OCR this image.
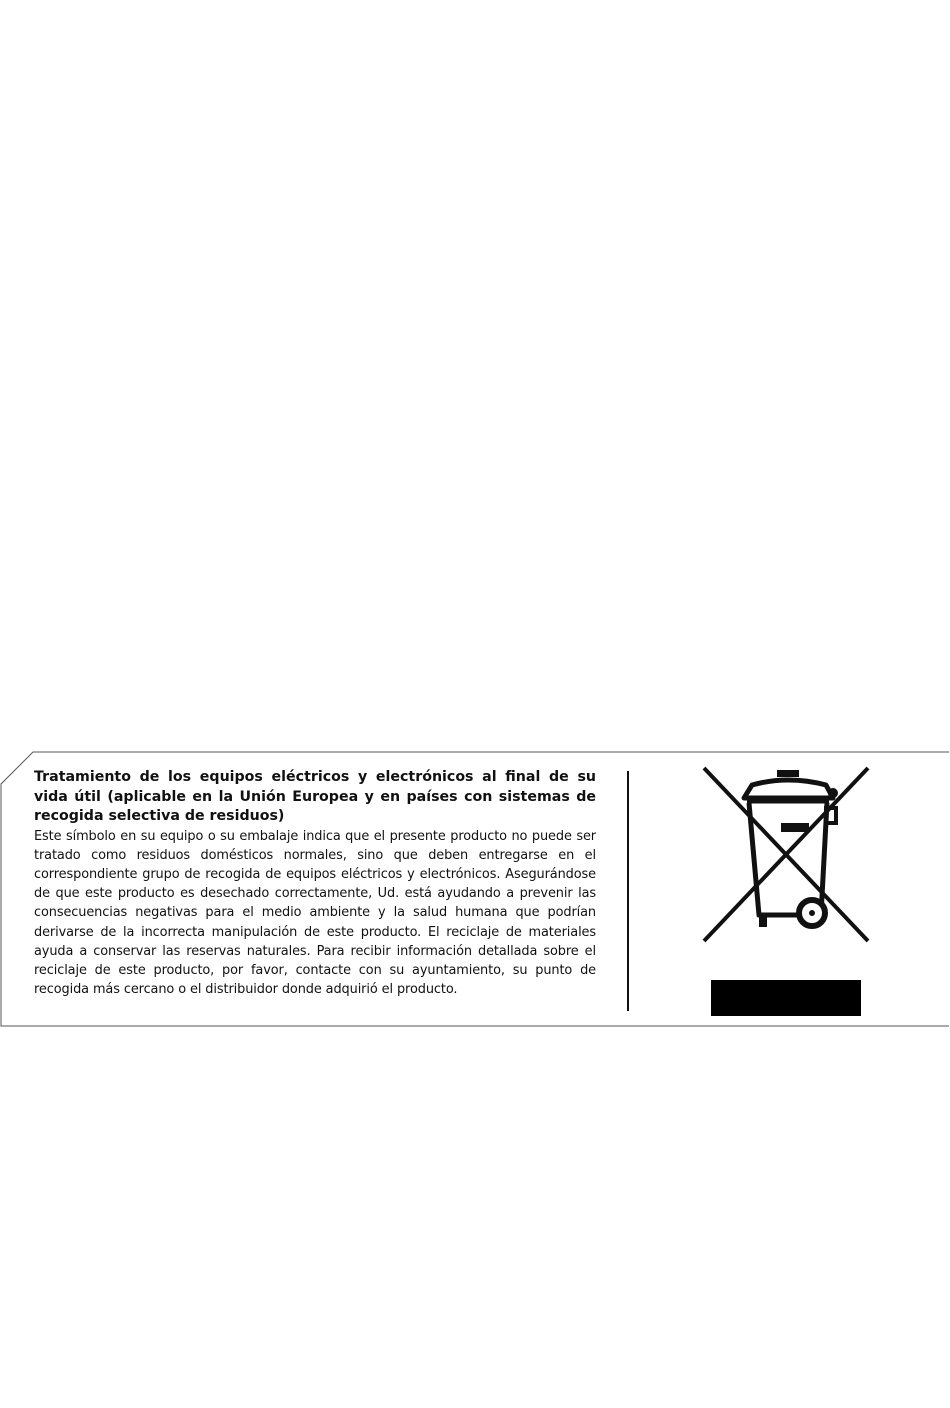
Tratamiento de los equipos eléctricos y electrónicos al final de su vida útil (aplicable en la Unión Europea y en países con sistemas de recogida selectiva de residuos)

Este símbolo en su equipo o su embalaje indica que el presente producto no puede ser tratado como residuos domésticos normales, sino que deben entregarse en el correspondiente grupo de recogida de equipos eléctricos y electrónicos. Asegurándose de que este producto es desechado correctamente, Ud. está ayudando a prevenir las consecuencias negativas para el medio ambiente y la salud humana que podrían derivarse de la incorrecta manipulación de este producto. El reciclaje de materiales ayuda a conservar las reservas naturales. Para recibir información detallada sobre el reciclaje de este producto, por favor, contacte con su ayuntamiento, su punto de recogida más cercano o el distribuidor donde adquirió el producto.
